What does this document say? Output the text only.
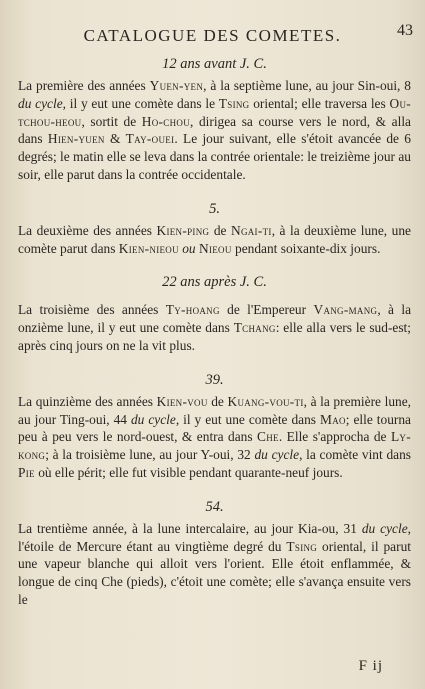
CATALOGUE DES COMETES.	43
12 ans avant J. C.

La première des années Yuen-yen, à la septième lune, au jour Sin-oui, 8 du cycle, il y eut une comète dans le Tsing oriental; elle traversa les Ou-tchou-heou, sortit de Ho-chou, dirigea sa course vers le nord, & alla dans Hien-yuen & Tay-ouei. Le jour suivant, elle s'étoit avancée de 6 degrés; le matin elle se leva dans la contrée orientale: le treizième jour au soir, elle parut dans la contrée occidentale.

5.

La deuxième des années Kien-ping de Ngai-ti, à la deuxième lune, une comète parut dans Kien-nieou ou Nieou pendant soixante-dix jours.

22 ans après J. C.

La troisième des années Ty-hoang de l'Empereur Vang-mang, à la onzième lune, il y eut une comète dans Tchang: elle alla vers le sud-est; après cinq jours on ne la vit plus.

39.

La quinzième des années Kien-vou de Kuang-vou-ti, à la première lune, au jour Ting-oui, 44 du cycle, il y eut une comète dans Mao; elle tourna peu à peu vers le nord-ouest, & entra dans Che. Elle s'approcha de Ly-kong; à la troisième lune, au jour Y-oui, 32 du cycle, la comète vint dans Pie où elle périt; elle fut visible pendant quarante-neuf jours.

54.

La trentième année, à la lune intercalaire, au jour Kia-ou, 31 du cycle, l'étoile de Mercure étant au vingtième degré du Tsing oriental, il parut une vapeur blanche qui alloit vers l'orient. Elle étoit enflammée, & longue de cinq Che (pieds), c'étoit une comète; elle s'avança ensuite vers le

F ij
